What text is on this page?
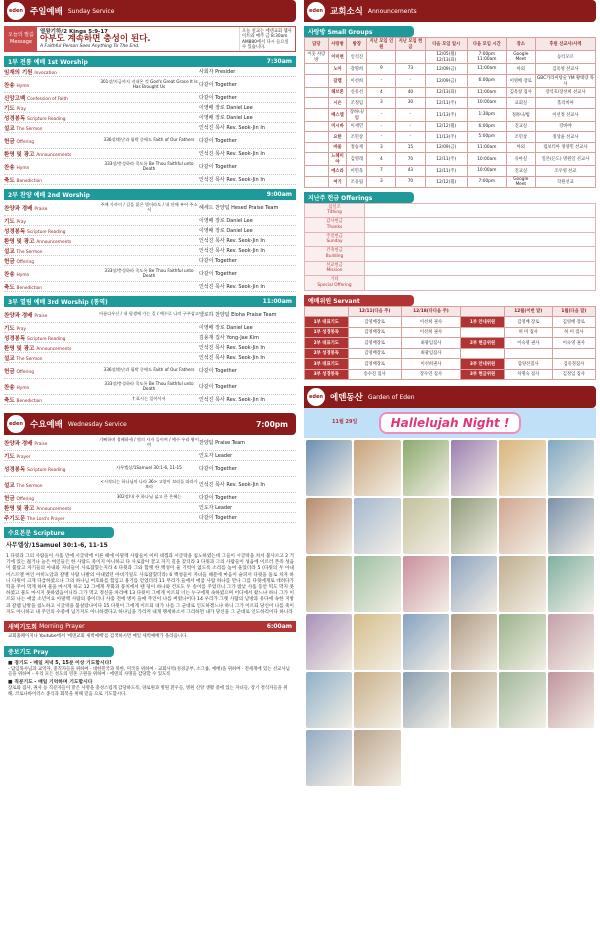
eden 주일예배 Sunday Service
오늘의 말씀
Message
열왕기하/2 Kings 5:9-17
아부도 계속하면 충성이 된다.
A Faithful Person Sees Anything To The End.
오늘 설교는 에덴교회 웹사이트와 매주 금 8:30am AM880에서 다시 들으실 수 있습니다.
1부 전통 예배 1st Worship	7:30am
임재의 기원 Invocation	사회자 Presider
찬송 Hymn
301장/지금까지 지내온 것 God's Great Grace It Is Has Brought Us	다같이 Together
신앙고백 Confession of Faith	다같이 Together
기도 Pray	이영배 장로 Daniel Lee
성경봉독 Scripture Reading	이영배 장로 Daniel Lee
설교 The Sermon	인석진 목사 Rev. Seok-Jin In
헌금 Offering	336장/환난과 핍박 중에도 Faith of Our Fathers 다같이 Together
환영 및 광고 Announcements	인석진 목사 Rev. Seok-Jin In
찬송 Hymn
333장/충성하라 죽도록 Be Thou Faithful unto Death	다같이 Together
축도 Benediction	인석진 목사 Rev. Seok-Jin In
2부 찬양 예배 2nd Worship	9:00am
찬양과 경배 Praise
주께 가까이 / 길을 잃은 별이라도 / 내 안에 부어 주소서	헤세드 찬양팀 Hesed Praise Team
기도 Pray	이영배 장로 Daniel Lee
성경봉독 Scripture Reading	이영배 장로 Daniel Lee
환영 및 광고 Announcements	인석진 목사 Rev. Seok-Jin In
설교 The Sermon	인석진 목사 Rev. Seok-Jin In
헌금 Offering	다같이 Together
찬송 Hymn
333장/충성하라 죽도록 Be Thou Faithful unto Death	다같이 Together
축도 Benediction	인석진 목사 Rev. Seok-Jin In
3부 열림 예배 3rd Worship (통역)	11:00am
찬양과 경배 Praise	아름다우신 / 내 평생에 가는 길 / 예수로 나의 구주삼고 엘로하 찬양팀 Eloha Praise Team
기도 Pray	이영배 장로 Daniel Lee
성경봉독 Scripture Reading	김용재 집사 Yong-Jae Kim
환영 및 광고 Announcements	인석진 목사 Rev. Seok-Jin In
설교 The Sermon	인석진 목사 Rev. Seok-Jin In
헌금 Offering	336장/환난과 핍박 중에도 Faith of Our Fathers 다같이 Together
찬송 Hymn
333장/충성하라 죽도록 Be Thou Faithful unto Death	다같이 Together
축도 Benediction	† 표시는 일어서서	인석진 목사 Rev. Seok-Jin In
eden 수요예배 Wednesday Service	7:00pm
찬양과 경배 Praise
기뻐하며 경배하세 / 빛의 사자 들이여 / 예수 우리 왕이여	찬양팀 Praise Team
기도 Prayer	인도자 Leader
성경봉독 Scripture Reading	사무엘상/1Samuel 30:1-6, 11-15	다같이 Together
설교 The Sermon
<시작되는 하나님의 나라 36> 고양이 꼬리를 따라가 보라	인석진 목사 Rev. Seok-Jin In
헌금 Offering	302장/내 주 하나님 넓고 큰 은혜는	다같이 Together
환영 및 광고 Announcements	인도자 Leader
주기도문 The Lord's Prayer	다같이 Together
수요본문 Scripture
사무엘상/1Samuel 30:1-6, 11-15
1 다윗과 그의 사람들이 사흘 만에 시글락에 이른 때에 아말렉 사람들이 이미 네겝과 시글락을 침노하였는데 그들이 시글락을 쳐서 불사르고 2 거기에 있는 젊거나 늙은 여인들은 한 사람도 죽이지 아니하고 다 사로잡아 끌고 자기 길을 갔더라 3 다윗과 그의 사람들이 성읍에 이르러 본즉 성읍이 불탔고 자기들의 아내와 자녀들이 사로잡혔는지라 4 다윗과 그와 함께 한 백성이 울 기력이 없도록 소리를 높여 울었더라 5 (다윗의 두 아내 이스르엘 여인 아히노암과 갈멜 사람 나발의 아내였던 아비가일도 사로잡혔더라) 6 백성들이 자녀들 때문에 마음이 슬퍼서 다윗을 돌로 치자 하니 다윗이 크게 다급하였으나 그의 하나님 여호와를 힘입고 용기를 얻었더라 11 무리가 들에서 애굽 사람 하나를 만나 그를 다윗에게로 데려다가 떡을 주어 먹게 하며 물을 마시게 하고 12 그에게 무화과 뭉치에서 뗀 덩이 하나와 건포도 두 송이를 주었더니 그가 밤낮 사흘 동안 떡도 먹지 못하였고 물도 마시지 못하였음이니라 그가 먹고 정신을 차리매 13 다윗이 그에게 이르되 너는 누구에게 속하였으며 어디에서 왔느냐 하니 그가 이르되 나는 애굽 소년이요 아말렉 사람의 종이더니 사흘 전에 병이 들매 주인이 나를 버렸나이다 14 우리가 그렛 사람의 남방과 유다에 속한 지방과 갈렙 남방을 침노하고 시글락을 불살랐나이다 15 다윗이 그에게 이르되 네가 나를 그 군대로 인도하겠느냐 하니 그가 이르되 당신이 나를 죽이지도 아니하고 내 주인의 수중에 넘기지도 아니하겠다고 하나님을 가리켜 내게 맹세하소서 그리하면 내가 당신을 그 군대로 인도하리이다 하니라
새벽기도회
Morning Prayer	6:00am
교회홈페이지나 Youtube에서 '에덴교회 새벽예배'를 검색하시면 매일 새벽예배가 올라옵니다.
중보기도 Pray
■ 경기도 - 매일 저녁 5, 15분 이상 기도합시다!
- 담임목사님과 교역자, 중직자들을 위하여 · 대한민국과 북한, 미국을 위하여 - 교회사역(성경공부, 소그룹, 예배)을 위하여 · 전세계에 있는 선교사님들을 위하여 - 우리 모든 성도의 영혼 구원을 위하여 · 에덴의 사명을 감당할 수 있도록
■ 직분기도 - 매일 기억하며 기도합시다
장로와 집사, 권사 등 직분자들이 맡은 사명을 충성스럽게 감당하도록, 양로원과 병원 환우들, 병원 신앙 생활 중에 있는 자녀들, 장기 결석자들을 위해, 코로나바이러스 종식과 회복을 위해 믿음 으로 기도합시다.
eden 교회소식 Announcements
사랑방 Small Groups
담당	사랑방	방장	지난 모임 인원	지난 모임 헌금	다음 모임 일시	다음 모임 시간	장소	후원 선교사/사역
이웃 사랑방	이미현	인석진			12/05(월) 12/13(화)	7:00pm 11:00am	Google Meet	동티모르
	노아	강명희	9	73	12/09(금)	11:00am	아외	김옥영 선교사
	갈렙	이선희	-	-	12/09(금)	6:00pm	이영배 장로	GBC카라미탕술 YM 황태량 목사
	헤브론	신유선	4	40	12/13(화)	11:00am	김옥창 집사	장석호/장선희 선교사
	시온	조정임	3	30	12/11(주)	10:00am	교회실	홀리비아
	베스엘	장하나/범	-	-	11/13(주)	1:30pm	정하나/범	이선정 선교사
	미시바	이재민	-	-	12/12(월)	6:00pm	진교실	강바야
	요한	조민상	-	-	11/13(주)	5:00pm	조민상	정상윤 선교사
	바울	정승재	3	15	12/09(금)	11:00am	아외	킵보티아 정양민 선교사
	느헤미야	김영래	4	70	12/11(주)	10:00am	유아실	일본(돈도) 명원일 선교사
	에스라	이민욱	7	43	12/11(주)	10:00am	진교실	조우영 선교
	여기	조유림	3	70	12/12(월)	7:00pm	Google Meet	학원선교
지난주 헌금 Offerings
십일조
Tithing	

감사헌금
Thanks	

주일헌금
Sunday	

건축헌금
Building	

선교헌금
Mission	

기타
Special Offering	

예배위원 Servant
	12/11(다음 주)	12/18(다다음 주)		12월(이번 달)	1월(다음 달)
1부 대표기도	김영배장로	이선희 권사	1부 안내위원	김영배 장로	김영배 장로
1부 성경봉독	김영배장로	이선희 권사		허 미 집사	허 미 집사
2부 대표기도	김영배장로	최광임집사	2부 현금위원	이숙영 권사	이숙영 권사
2부 성경봉독	김영배장로	최광임집사			
3부 대표기도	김영배장로	이선희권사	3부 안내위원	함양선집사	김유정집사
3부 성경봉독	송수진 집사	장수연 집사	3부 현금위원	차명숙 집사	김정임 집사
eden 에덴동산 Garden of Eden
11월 29일	Hallelujah Night !
